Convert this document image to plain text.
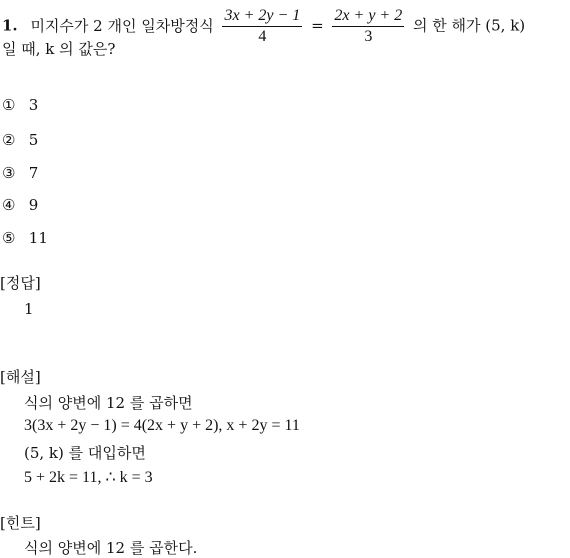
1. 미지수가 2 개인 일차방정식 $\frac{3x + 2y - 1}{4} = \frac{2x + y + 2}{3}$ 의 한 해가 (5, k)
일 때, k 의 값은?
① 3
② 5
③ 7
④ 9
⑤ 11
[정답]
1
[해설]
식의 양변에 12 를 곱하면
3(3x + 2y − 1) = 4(2x + y + 2), x + 2y = 11
(5, k) 를 대입하면
5 + 2k = 11, ∴ k = 3
[힌트]
식의 양변에 12 를 곱한다.
